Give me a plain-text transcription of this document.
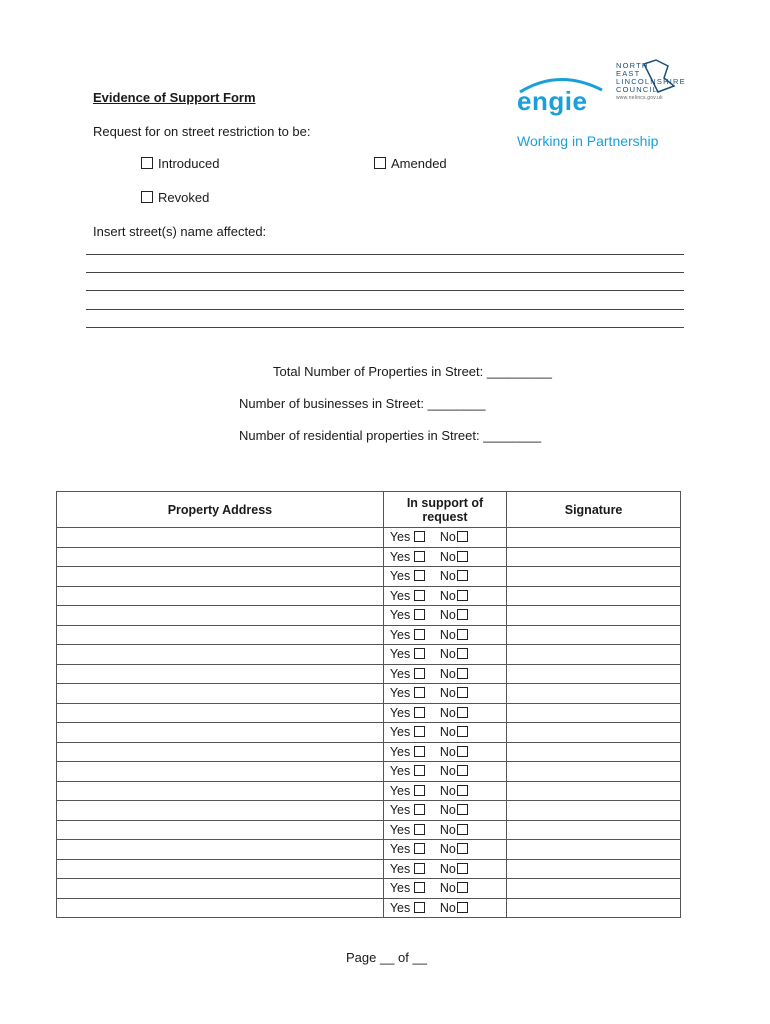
Evidence of Support Form	engie
Working in Partnership
NORTH
EAST
LINCOLNSHIRE
COUNCIL
www.nelincs.gov.uk
Request for on street restriction to be:
Introduced	Amended
Revoked
Insert street(s) name affected:
Total Number of Properties in Street: _________
Number of businesses in Street: ________
Number of residential properties in Street: ________
Property Address	In support of request	Signature
	Yes No	
	Yes No	
	Yes No	
	Yes No	
	Yes No	
	Yes No	
	Yes No	
	Yes No	
	Yes No	
	Yes No	
	Yes No	
	Yes No	
	Yes No	
	Yes No	
	Yes No	
	Yes No	
	Yes No	
	Yes No	
	Yes No	
	Yes No	
Page __ of __
